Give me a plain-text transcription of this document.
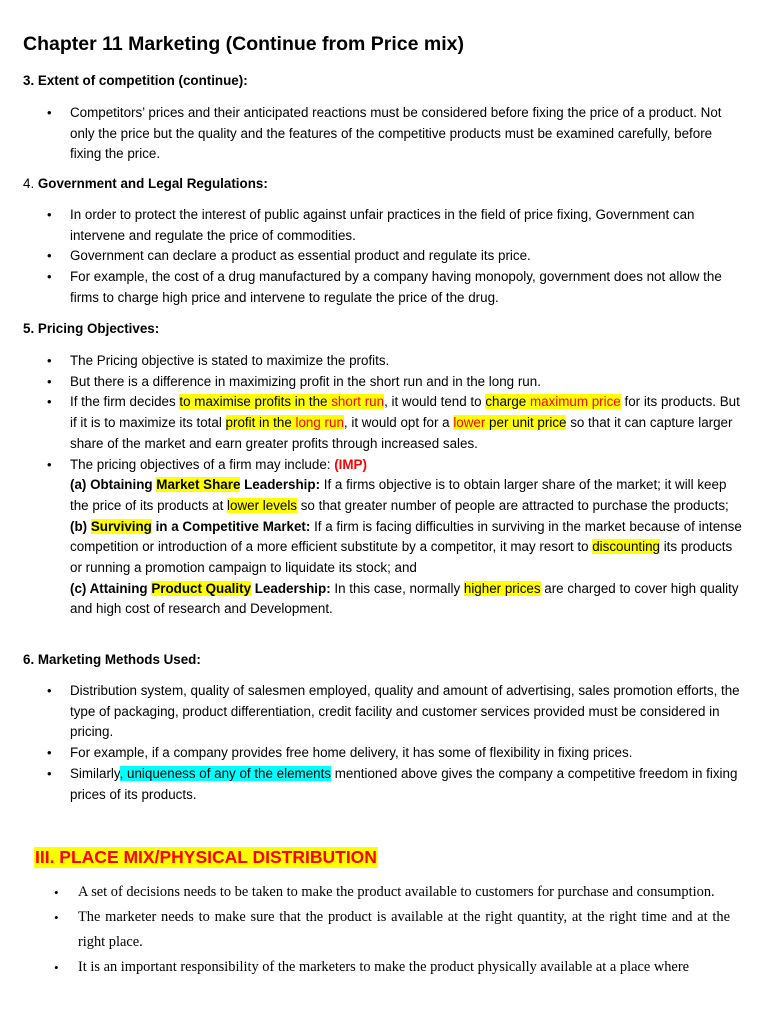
Chapter 11 Marketing (Continue from Price mix)
3. Extent of competition (continue):
• Competitors’ prices and their anticipated reactions must be considered before fixing the price of a product. Not only the price but the quality and the features of the competitive products must be examined carefully, before fixing the price.
4. Government and Legal Regulations:
• In order to protect the interest of public against unfair practices in the field of price fixing, Government can intervene and regulate the price of commodities.
• Government can declare a product as essential product and regulate its price.
• For example, the cost of a drug manufactured by a company having monopoly, government does not allow the firms to charge high price and intervene to regulate the price of the drug.
5. Pricing Objectives:
• The Pricing objective is stated to maximize the profits.
• But there is a difference in maximizing profit in the short run and in the long run.
• If the firm decides to maximise profits in the short run, it would tend to charge maximum price for its products. But if it is to maximize its total profit in the long run, it would opt for a lower per unit price so that it can capture larger share of the market and earn greater profits through increased sales.
• The pricing objectives of a firm may include: (IMP)
(a) Obtaining Market Share Leadership: If a firms objective is to obtain larger share of the market; it will keep the price of its products at lower levels so that greater number of people are attracted to purchase the products;
(b) Surviving in a Competitive Market: If a firm is facing difficulties in surviving in the market because of intense competition or introduction of a more efficient substitute by a competitor, it may resort to discounting its products or running a promotion campaign to liquidate its stock; and
(c) Attaining Product Quality Leadership: In this case, normally higher prices are charged to cover high quality and high cost of research and Development.
6. Marketing Methods Used:
• Distribution system, quality of salesmen employed, quality and amount of advertising, sales promotion efforts, the type of packaging, product differentiation, credit facility and customer services provided must be considered in pricing.
• For example, if a company provides free home delivery, it has some of flexibility in fixing prices.
• Similarly, uniqueness of any of the elements mentioned above gives the company a competitive freedom in fixing prices of its products.
III. PLACE MIX/PHYSICAL DISTRIBUTION
• A set of decisions needs to be taken to make the product available to customers for purchase and consumption.
• The marketer needs to make sure that the product is available at the right quantity, at the right time and at the right place.
• It is an important responsibility of the marketers to make the product physically available at a place where
